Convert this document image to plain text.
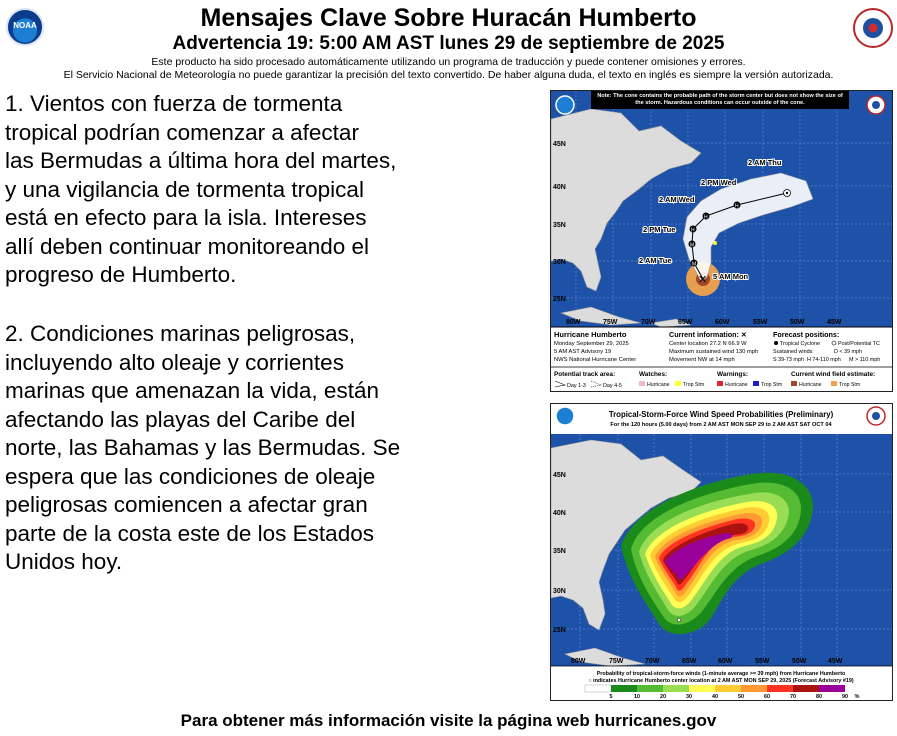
NOAA	Mensajes Clave Sobre Huracán Humberto
Advertencia 19: 5:00 AM AST lunes 29 de septiembre de 2025
Este producto ha sido procesado automáticamente utilizando un programa de traducción y puede contener omisiones y errores.
El Servicio Nacional de Meteorología no puede garantizar la precisión del texto convertido. De haber alguna duda, el texto en inglés es siempre la versión autorizada.

1. Vientos con fuerza de tormenta
tropical podrían comenzar a afectar
las Bermudas a última hora del martes,
y una vigilancia de tormenta tropical
está en efecto para la isla. Intereses
allí deben continuar monitoreando el
progreso de Humberto.

2. Condiciones marinas peligrosas,
incluyendo alto oleaje y corrientes
marinas que amenazan la vida, están
afectando las playas del Caribe del
norte, las Bahamas y las Bermudas. Se
espera que las condiciones de oleaje
peligrosas comiencen a afectar gran
parte de la costa este de los Estados
Unidos hoy.

M
M
H
H
H
✕
2 AM Thu
2 PM Wed
2 AM Wed
2 PM Tue
2 AM Tue
5 AM Mon
45N
40N
35N
30N
25N
80W	75W	70W	65W	60W	55W	50W	45W
Note: The cone contains the probable path of the storm center but does not show the size of the storm. Hazardous conditions can occur outside of the cone.
Hurricane Humberto
Monday September 29, 2025
5 AM AST Advisory 19
NWS National Hurricane Center
Current information: ✕
Center location 27.2 N 66.9 W
Maximum sustained wind 130 mph
Movement NW at 14 mph
Forecast positions:
Tropical Cyclone	Post/Potential TC
Sustained winds:	D < 39 mph
S 39-73 mph H 74-110 mph M > 110 mph
Potential track area:
Day 1-3	Day 4-5
Watches:
Hurricane	Trop Stm
Warnings:
Hurricane	Trop Stm
Current wind field estimate:
Hurricane	Trop Stm
Tropical-Storm-Force Wind Speed Probabilities (Preliminary)
For the 120 hours (5.00 days) from 2 AM AST MON SEP 29 to 2 AM AST SAT OCT 04
45N
40N
35N
30N
25N
80W	75W	70W	65W	60W	55W	50W	45W
Probability of tropical-storm-force winds (1-minute average >= 39 mph) from Hurricane Humberto
○ indicates Hurricane Humberto center location at 2 AM AST MON SEP 29, 2025 (Forecast Advisory #19)
5	10	20	30	40	50	60	70	80	90 %
Para obtener más información visite la página web hurricanes.gov
